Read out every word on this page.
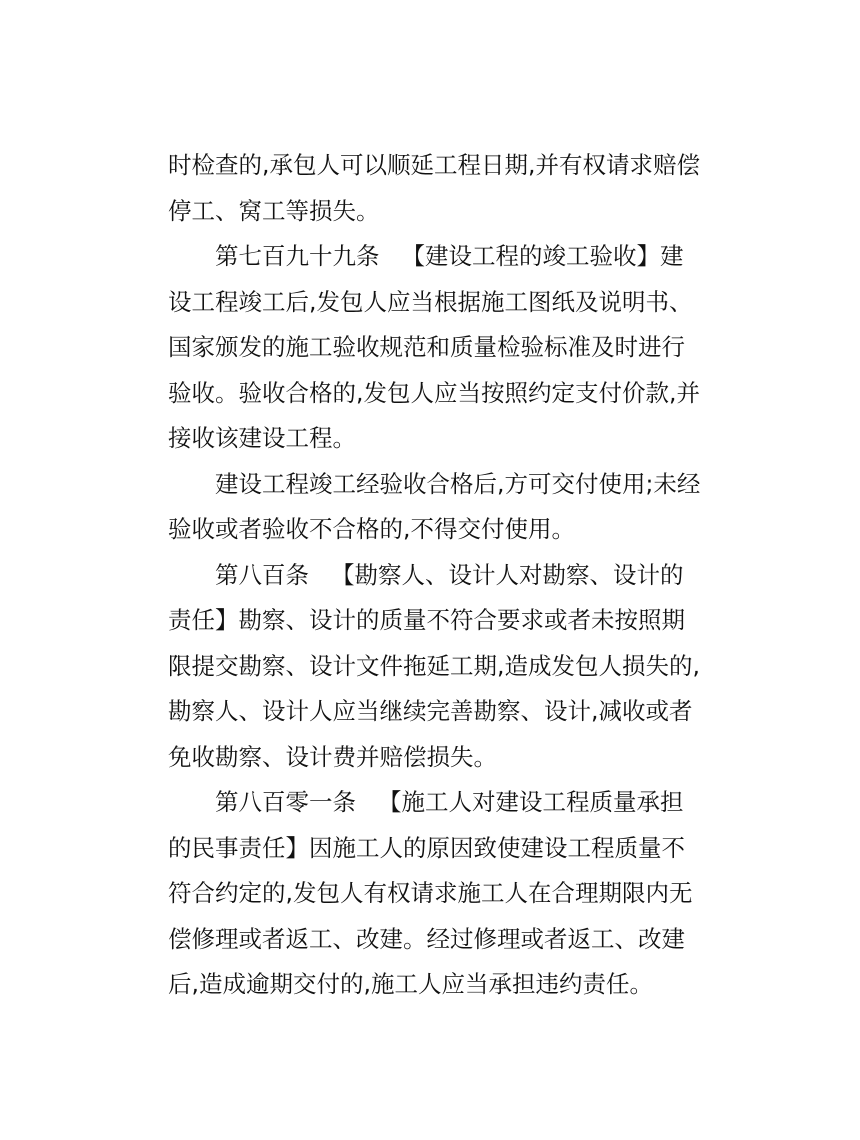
时检查的,承包人可以顺延工程日期,并有权请求赔偿
停工、窝工等损失。
第七百九十九条 【建设工程的竣工验收】建
设工程竣工后,发包人应当根据施工图纸及说明书、
国家颁发的施工验收规范和质量检验标准及时进行
验收。验收合格的,发包人应当按照约定支付价款,并
接收该建设工程。
建设工程竣工经验收合格后,方可交付使用;未经
验收或者验收不合格的,不得交付使用。
第八百条 【勘察人、设计人对勘察、设计的
责任】勘察、设计的质量不符合要求或者未按照期
限提交勘察、设计文件拖延工期,造成发包人损失的,
勘察人、设计人应当继续完善勘察、设计,减收或者
免收勘察、设计费并赔偿损失。
第八百零一条 【施工人对建设工程质量承担
的民事责任】因施工人的原因致使建设工程质量不
符合约定的,发包人有权请求施工人在合理期限内无
偿修理或者返工、改建。经过修理或者返工、改建
后,造成逾期交付的,施工人应当承担违约责任。
